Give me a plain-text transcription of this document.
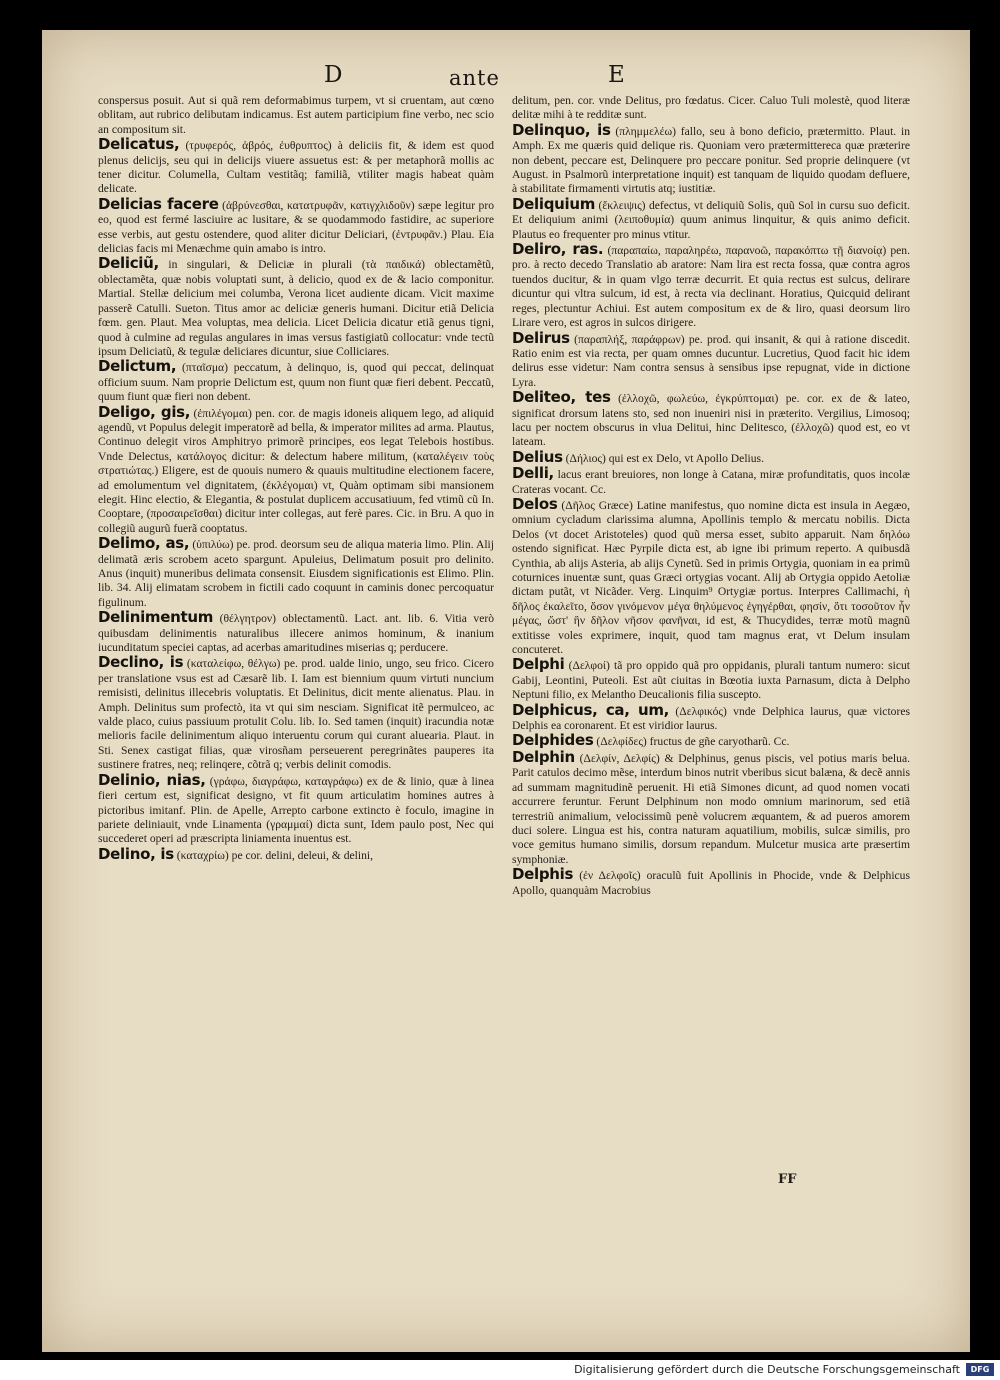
D	ante	E

conspersus posuit. Aut si quã rem deformabimus turpem, vt si cruentam, aut cœno oblitam, aut rubrico delibutam indicamus. Est autem participium fine verbo, nec scio an compositum sit.

Delicatus, (τρυφερός, ἁβρός, ἐυθρυπτος) à deliciis fit, & idem est quod plenus delicijs, seu qui in delicijs viuere assuetus est: & per metaphorã mollis ac tener dicitur. Columella, Cultam vestitãq; familiã, vtiliter magis habeat quàm delicate.

Delicias facere (ἀβρύνεσθαι, κατατρυφᾶν, κατιγχλιδοῦν) sæpe legitur pro eo, quod est fermé lasciuire ac lusitare, & se quodammodo fastidire, ac superiore esse verbis, aut gestu ostendere, quod aliter dicitur Deliciari, (ἐντρυφᾶν.) Plau. Eia delicias facis mi Menæchme quin amabo is intro.

Deliciũ, in singulari, & Deliciæ in plurali (τὰ παιδικά) oblectamẽtũ, oblectamẽta, quæ nobis voluptati sunt, à delicio, quod ex de & lacio componitur. Martial. Stellæ delicium mei columba, Verona licet audiente dicam. Vicit maxime passerẽ Catulli. Sueton. Titus amor ac deliciæ generis humani. Dicitur etiã Delicia fœm. gen. Plaut. Mea voluptas, mea delicia. Licet Delicia dicatur etiã genus tigni, quod à culmine ad regulas angulares in imas versus fastigiatũ collocatur: vnde tectũ ipsum Deliciatũ, & tegulæ deliciares dicuntur, siue Colliciares.

Delictum, (πταῖσμα) peccatum, à delinquo, is, quod qui peccat, delinquat officium suum. Nam proprie Delictum est, quum non fiunt quæ fieri debent. Peccatũ, quum fiunt quæ fieri non debent.

Deligo, gis, (ἐπιλέγομαι) pen. cor. de magis idoneis aliquem lego, ad aliquid agendũ, vt Populus delegit imperatorẽ ad bella, & imperator milites ad arma. Plautus, Continuo delegit viros Amphitryo primorẽ principes, eos legat Telebois hostibus. Vnde Delectus, κατάλογος dicitur: & delectum habere militum, (καταλέγειν τοὺς στρατιώτας.) Eligere, est de quouis numero & quauis multitudine electionem facere, ad emolumentum vel dignitatem, (ἐκλέγομαι) vt, Quàm optimam sibi mansionem elegit. Hinc electio, & Elegantia, & postulat duplicem accusatiuum, fed vtimũ cũ In. Cooptare, (προσαιρεῖσθαι) dicitur inter collegas, aut ferè pares. Cic. in Bru. A quo in collegiũ augurũ fuerã cooptatus.

Delimo, as, (ὑπιλύω) pe. prod. deorsum seu de aliqua materia limo. Plin. Alij delimatã æris scrobem aceto spargunt. Apuleius, Delimatum posuit pro delinito. Anus (inquit) muneribus delimata consensit. Eiusdem significationis est Elimo. Plin. lib. 34. Alij elimatam scrobem in fictili cado coquunt in caminis donec percoquatur figulinum.

Delinimentum (θέλγητρον) oblectamentũ. Lact. ant. lib. 6. Vitia verò quibusdam delinimentis naturalibus illecere animos hominum, & inanium iucunditatum speciei captas, ad acerbas amaritudines miserias q; perducere.

Declino, is (καταλείφω, θέλγω) pe. prod. ualde linio, ungo, seu frico. Cicero per translatione vsus est ad Cæsarẽ lib. I. Iam est biennium quum virtuti nuncium remisisti, delinitus illecebris voluptatis. Et Delinitus, dicit mente alienatus. Plau. in Amph. Delinitus sum profectò, ita vt qui sim nesciam. Significat itẽ permulceo, ac valde placo, cuius passiuum protulit Colu. lib. Io. Sed tamen (inquit) iracundia notæ melioris facile delinimentum aliquo interuentu corum qui curant aluearia. Plaut. in Sti. Senex castigat filias, quæ virosñam perseuerent peregrinãtes pauperes ita sustinere fratres, neq; relinqere, cõtrã q; verbis delinit comodis.

Delinio, nias, (γράφω, διαγράφω, καταγράφω) ex de & linio, quæ à linea fieri certum est, significat designo, vt fit quum articulatim homines autres à pictoribus imitanf. Plin. de Apelle, Arrepto carbone extincto è foculo, imagine in pariete deliniauit, vnde Linamenta (γραμμαί) dicta sunt, Idem paulo post, Nec qui succederet operi ad præscripta liniamenta inuentus est.

Delino, is (καταχρίω) pe cor. delini, deleui, & delini,

delitum, pen. cor. vnde Delitus, pro fœdatus. Cicer. Caluo Tuli molestè, quod literæ delitæ mihi à te redditæ sunt.

Delinquo, is (πλημμελέω) fallo, seu à bono deficio, prætermitto. Plaut. in Amph. Ex me quæris quid delique ris. Quoniam vero prætermittereca quæ præterire non debent, peccare est, Delinquere pro peccare ponitur. Sed proprie delinquere (vt August. in Psalmorũ interpretatione inquit) est tanquam de liquido quodam defluere, à stabilitate firmamenti virtutis atq; iustitiæ.

Deliquium (ἔκλειψις) defectus, vt deliquiũ Solis, quũ Sol in cursu suo deficit. Et deliquium animi (λειποθυμία) quum animus linquitur, & quis animo deficit. Plautus eo frequenter pro minus vtitur.

Deliro, ras. (παραπαίω, παραληρέω, παρανοῶ, παρακόπτω τῇ διανοίᾳ) pen. pro. à recto decedo Translatio ab aratore: Nam lira est recta fossa, quæ contra agros tuendos ducitur, & in quam vlgo terræ decurrit. Et quia rectus est sulcus, delirare dicuntur qui vltra sulcum, id est, à recta via declinant. Horatius, Quicquid delirant reges, plectuntur Achiui. Est autem compositum ex de & liro, quasi deorsum liro Lirare vero, est agros in sulcos dirigere.

Delirus (παραπλήξ, παράφρων) pe. prod. qui insanit, & qui à ratione discedit. Ratio enim est via recta, per quam omnes ducuntur. Lucretius, Quod facit hic idem delirus esse videtur: Nam contra sensus à sensibus ipse repugnat, vide in dictione Lyra.

Deliteo, tes (ἐλλοχῶ, φωλεύω, ἐγκρύπτομαι) pe. cor. ex de & lateo, significat drorsum latens sto, sed non inueniri nisi in præterito. Vergilius, Limosoq; lacu per noctem obscurus in vlua Delitui, hinc Delitesco, (ἐλλοχῶ) quod est, eo vt lateam.

Delius (Δήλιος) qui est ex Delo, vt Apollo Delius.

Delli, lacus erant breuiores, non longe à Catana, miræ profunditatis, quos incolæ Crateras vocant. Cc.

Delos (Δῆλος Græce) Latine manifestus, quo nomine dicta est insula in Aegæo, omnium cycladum clarissima alumna, Apollinis templo & mercatu nobilis. Dicta Delos (vt docet Aristoteles) quod quũ mersa esset, subito apparuit. Nam δηλόω ostendo significat. Hæc Pyrpile dicta est, ab igne ibi primum reperto. A quibusdã Cynthia, ab alijs Asteria, ab alijs Cynetũ. Sed in primis Ortygia, quoniam in ea primũ coturnices inuentæ sunt, quas Græci ortygias vocant. Alij ab Ortygia oppido Aetoliæ dictam putãt, vt Nicãder. Verg. Linquim⁹ Ortygiæ portus. Interpres Callimachi, ἡ δῆλος ἐκαλεῖτο, ὅσον γινόμενον μέγα θηλύμενος ἐγηγέρθαι, φησίν, ὅτι τοσοῦτον ἦν μέγας, ὥστ' ἣν δῆλον νῆσον φανῆναι, id est, & Thucydides, terræ motũ magnũ extitisse voles exprimere, inquit, quod tam magnus erat, vt Delum insulam concuteret.

Delphi (Δελφοί) tã pro oppido quã pro oppidanis, plurali tantum numero: sicut Gabij, Leontini, Puteoli. Est aũt ciuitas in Bœotia iuxta Parnasum, dicta à Delpho Neptuni filio, ex Melantho Deucalionis filia suscepto.

Delphicus, ca, um, (Δελφικός) vnde Delphica laurus, quæ victores Delphis ea coronarent. Et est viridior laurus.

Delphides (Δελφίδες) fructus de gñe caryotharũ. Cc.

Delphin (Δελφίν, Δελφίς) & Delphinus, genus piscis, vel potius maris belua. Parit catulos decimo mẽse, interdum binos nutrit vberibus sicut balæna, & decẽ annis ad summam magnitudinẽ peruenit. Hi etiã Simones dicunt, ad quod nomen vocati accurrere feruntur. Ferunt Delphinum non modo omnium marinorum, sed etiã terrestriũ animalium, velocissimũ penè volucrem æquantem, & ad pueros amorem duci solere. Lingua est his, contra naturam aquatilium, mobilis, sulcæ similis, pro voce gemitus humano similis, dorsum repandum. Mulcetur musica arte præsertim symphoniæ.

Delphis (ἐν Δελφοῖς) oraculũ fuit Apollinis in Phocide, vnde & Delphicus Apollo, quanquàm Macrobius

FF
Digitalisierung gefördert durch die Deutsche Forschungsgemeinschaft	DFG
